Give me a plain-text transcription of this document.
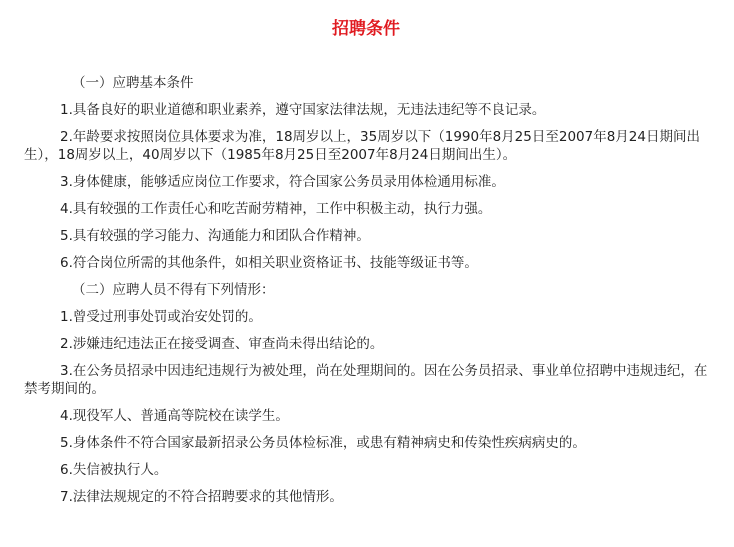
招聘条件
（一）应聘基本条件
1.具备良好的职业道德和职业素养，遵守国家法律法规，无违法违纪等不良记录。
2.年龄要求按照岗位具体要求为准，18周岁以上，35周岁以下（1990年8月25日至2007年8月24日期间出生），18周岁以上，40周岁以下（1985年8月25日至2007年8月24日期间出生）。
3.身体健康，能够适应岗位工作要求，符合国家公务员录用体检通用标准。
4.具有较强的工作责任心和吃苦耐劳精神，工作中积极主动，执行力强。
5.具有较强的学习能力、沟通能力和团队合作精神。
6.符合岗位所需的其他条件，如相关职业资格证书、技能等级证书等。
（二）应聘人员不得有下列情形：
1.曾受过刑事处罚或治安处罚的。
2.涉嫌违纪违法正在接受调查、审查尚未得出结论的。
3.在公务员招录中因违纪违规行为被处理，尚在处理期间的。因在公务员招录、事业单位招聘中违规违纪，在禁考期间的。
4.现役军人、普通高等院校在读学生。
5.身体条件不符合国家最新招录公务员体检标准，或患有精神病史和传染性疾病病史的。
6.失信被执行人。
7.法律法规规定的不符合招聘要求的其他情形。
